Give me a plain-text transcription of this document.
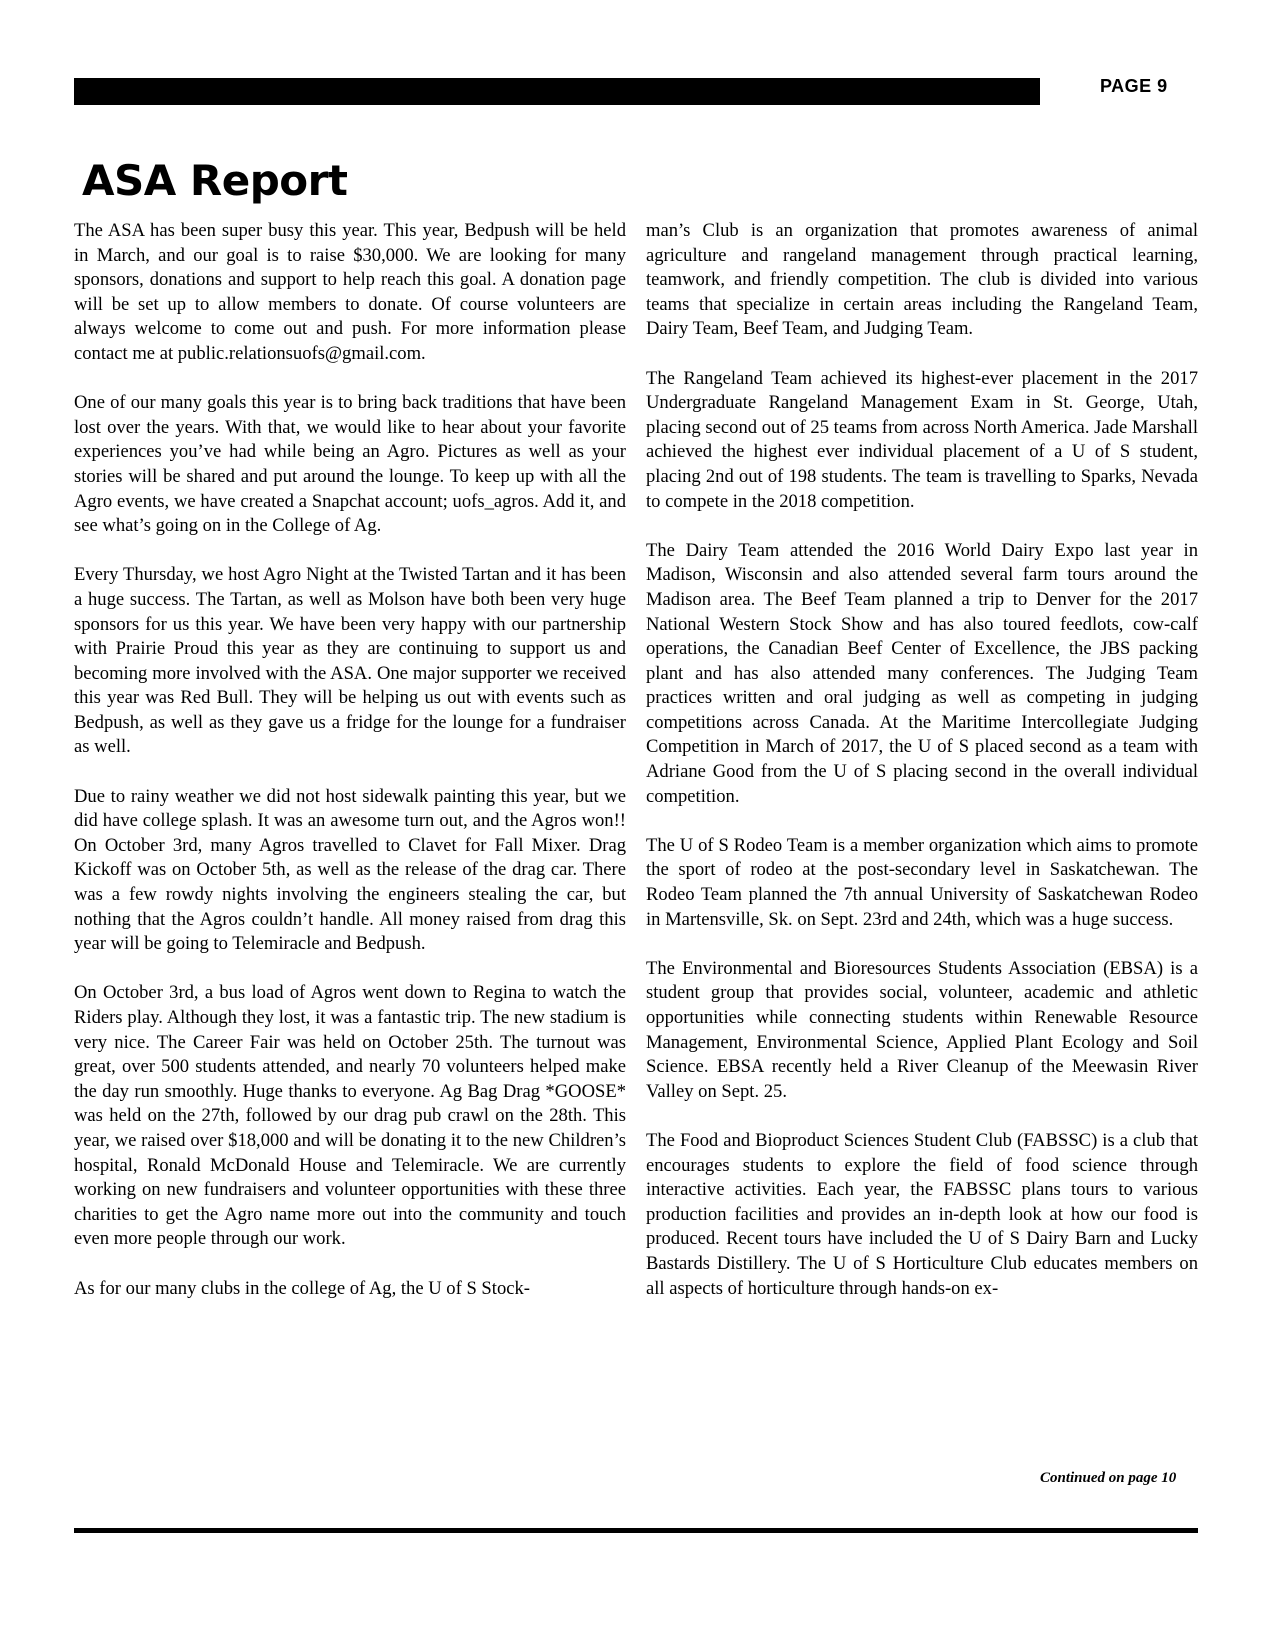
PAGE 9
ASA Report

The ASA has been super busy this year. This year, Bedpush will be held in March, and our goal is to raise $30,000. We are looking for many sponsors, donations and support to help reach this goal. A donation page will be set up to allow members to donate. Of course volunteers are always welcome to come out and push. For more information please contact me at public.relationsuofs@gmail.com.

One of our many goals this year is to bring back traditions that have been lost over the years. With that, we would like to hear about your favorite experiences you’ve had while being an Agro. Pictures as well as your stories will be shared and put around the lounge. To keep up with all the Agro events, we have created a Snapchat account; uofs_agros. Add it, and see what’s going on in the College of Ag.

Every Thursday, we host Agro Night at the Twisted Tartan and it has been a huge success. The Tartan, as well as Molson have both been very huge sponsors for us this year. We have been very happy with our partnership with Prairie Proud this year as they are continuing to support us and becoming more involved with the ASA. One major supporter we received this year was Red Bull. They will be helping us out with events such as Bedpush, as well as they gave us a fridge for the lounge for a fundraiser as well.

Due to rainy weather we did not host sidewalk painting this year, but we did have college splash. It was an awesome turn out, and the Agros won!! On October 3rd, many Agros travelled to Clavet for Fall Mixer. Drag Kickoff was on October 5th, as well as the release of the drag car. There was a few rowdy nights involving the engineers stealing the car, but nothing that the Agros couldn’t handle. All money raised from drag this year will be going to Telemiracle and Bedpush.

On October 3rd, a bus load of Agros went down to Regina to watch the Riders play. Although they lost, it was a fantastic trip. The new stadium is very nice. The Career Fair was held on October 25th. The turnout was great, over 500 students attended, and nearly 70 volunteers helped make the day run smoothly. Huge thanks to everyone. Ag Bag Drag *GOOSE* was held on the 27th, followed by our drag pub crawl on the 28th. This year, we raised over $18,000 and will be donating it to the new Children’s hospital, Ronald McDonald House and Telemiracle. We are currently working on new fundraisers and volunteer opportunities with these three charities to get the Agro name more out into the community and touch even more people through our work.

As for our many clubs in the college of Ag, the U of S Stock-

man’s Club is an organization that promotes awareness of animal agriculture and rangeland management through practical learning, teamwork, and friendly competition. The club is divided into various teams that specialize in certain areas including the Rangeland Team, Dairy Team, Beef Team, and Judging Team.

The Rangeland Team achieved its highest-ever placement in the 2017 Undergraduate Rangeland Management Exam in St. George, Utah, placing second out of 25 teams from across North America. Jade Marshall achieved the highest ever individual placement of a U of S student, placing 2nd out of 198 students. The team is travelling to Sparks, Nevada to compete in the 2018 competition.

The Dairy Team attended the 2016 World Dairy Expo last year in Madison, Wisconsin and also attended several farm tours around the Madison area. The Beef Team planned a trip to Denver for the 2017 National Western Stock Show and has also toured feedlots, cow-calf operations, the Canadian Beef Center of Excellence, the JBS packing plant and has also attended many conferences. The Judging Team practices written and oral judging as well as competing in judging competitions across Canada. At the Maritime Intercollegiate Judging Competition in March of 2017, the U of S placed second as a team with Adriane Good from the U of S placing second in the overall individual competition.

The U of S Rodeo Team is a member organization which aims to promote the sport of rodeo at the post-secondary level in Saskatchewan. The Rodeo Team planned the 7th annual University of Saskatchewan Rodeo in Martensville, Sk. on Sept. 23rd and 24th, which was a huge success.

The Environmental and Bioresources Students Association (EBSA) is a student group that provides social, volunteer, academic and athletic opportunities while connecting students within Renewable Resource Management, Environmental Science, Applied Plant Ecology and Soil Science. EBSA recently held a River Cleanup of the Meewasin River Valley on Sept. 25.

The Food and Bioproduct Sciences Student Club (FABSSC) is a club that encourages students to explore the field of food science through interactive activities. Each year, the FABSSC plans tours to various production facilities and provides an in-depth look at how our food is produced. Recent tours have included the U of S Dairy Barn and Lucky Bastards Distillery. The U of S Horticulture Club educates members on all aspects of horticulture through hands-on ex-

Continued on page 10
